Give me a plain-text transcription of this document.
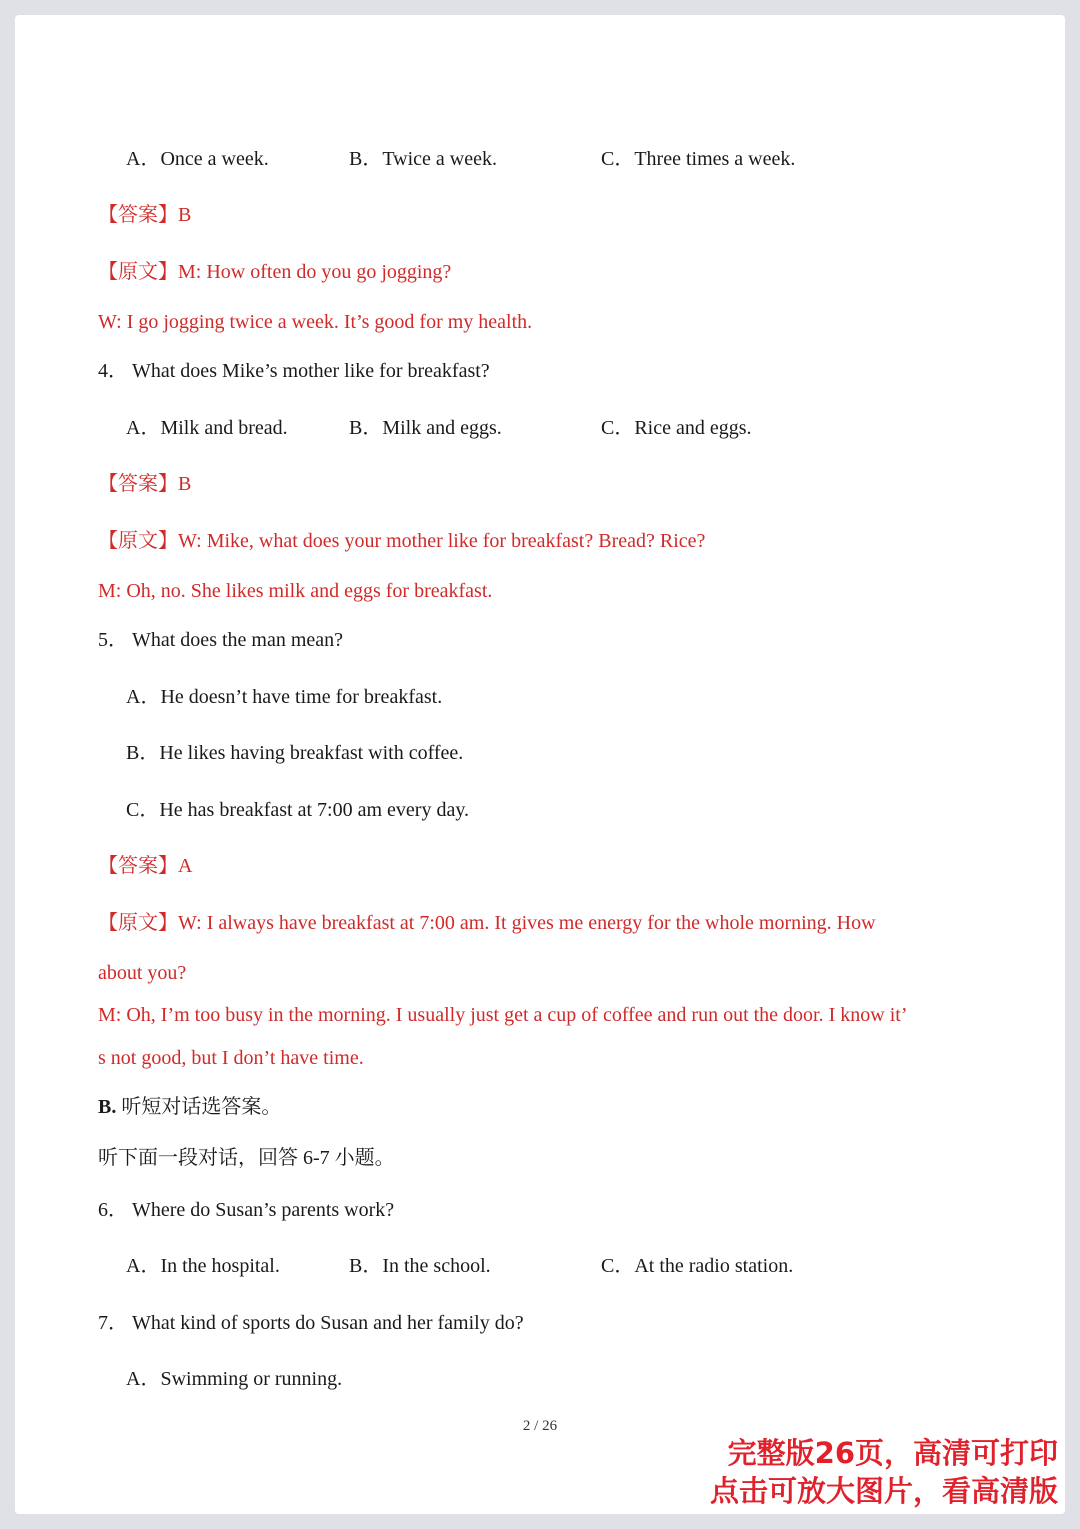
A．Once a week.	B．Twice a week.	C．Three times a week.

【答案】B

【原文】M: How often do you go jogging?

W: I go jogging twice a week. It’s good for my health.

4． What does Mike’s mother like for breakfast?

A．Milk and bread.	B．Milk and eggs.	C．Rice and eggs.

【答案】B

【原文】W: Mike, what does your mother like for breakfast? Bread? Rice?

M: Oh, no. She likes milk and eggs for breakfast.

5． What does the man mean?

A．He doesn’t have time for breakfast.

B．He likes having breakfast with coffee.

C．He has breakfast at 7:00 am every day.

【答案】A

【原文】W: I always have breakfast at 7:00 am. It gives me energy for the whole morning. How

about you?

M: Oh, I’m too busy in the morning. I usually just get a cup of coffee and run out the door. I know it’

s not good, but I don’t have time.

B. 听短对话选答案。

听下面一段对话，回答 6-7 小题。

6． Where do Susan’s parents work?

A．In the hospital.	B．In the school.	C．At the radio station.

7． What kind of sports do Susan and her family do?

A．Swimming or running.

2 / 26
完整版26页，高清可打印
点击可放大图片，看高清版
